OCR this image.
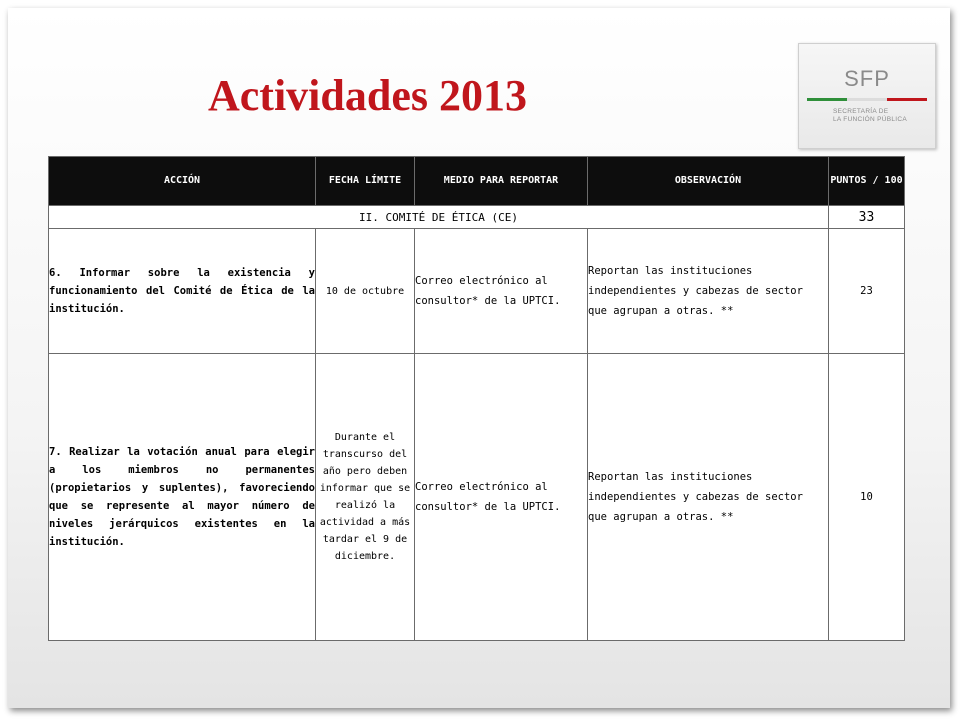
Actividades 2013	SFP
SECRETARÍA DE
LA FUNCIÓN PÚBLICA
ACCIÓN	FECHA LÍMITE	MEDIO PARA REPORTAR	OBSERVACIÓN	PUNTOS / 100
II. COMITÉ DE ÉTICA (CE)				33
6. Informar sobre la existencia y funcionamiento del Comité de Ética de la institución.	10 de octubre	Correo electrónico al consultor* de la UPTCI.	Reportan las instituciones independientes y cabezas de sector que agrupan a otras. **	23
7. Realizar la votación anual para elegir a los miembros no permanentes (propietarios y suplentes), favoreciendo que se represente al mayor número de niveles jerárquicos existentes en la institución.	Durante el transcurso del año pero deben informar que se realizó la actividad a más tardar el 9 de diciembre.	Correo electrónico al consultor* de la UPTCI.	Reportan las instituciones independientes y cabezas de sector que agrupan a otras. **	10
